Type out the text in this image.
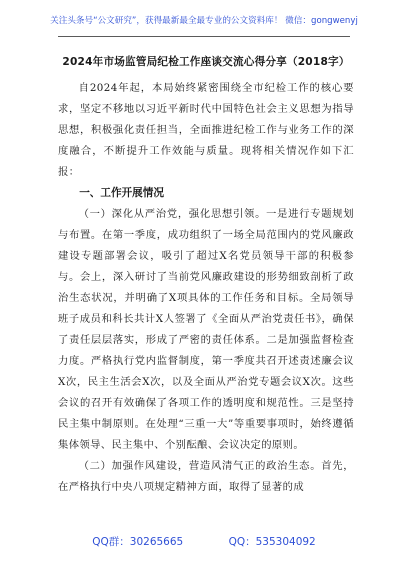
关注头条号“公文研究”，获得最新最全最专业的公文资料库！ 微信：gongwenyj
2024年市场监管局纪检工作座谈交流心得分享（2018字）

自2024年起，本局始终紧密围绕全市纪检工作的核心要求，坚定不移地以习近平新时代中国特色社会主义思想为指导思想，积极强化责任担当，全面推进纪检工作与业务工作的深度融合，不断提升工作效能与质量。现将相关情况作如下汇报：

一、工作开展情况

（一）深化从严治党，强化思想引领。一是进行专题规划与布置。在第一季度，成功组织了一场全局范围内的党风廉政建设专题部署会议，吸引了超过X名党员领导干部的积极参与。会上，深入研讨了当前党风廉政建设的形势细致剖析了政治生态状况，并明确了X项具体的工作任务和目标。全局领导班子成员和科长共计X人签署了《全面从严治党责任书》，确保了责任层层落实，形成了严密的责任体系。二是加强监督检查力度。严格执行党内监督制度，第一季度共召开述责述廉会议X次，民主生活会X次，以及全面从严治党专题会议X次。这些会议的召开有效确保了各项工作的透明度和规范性。三是坚持民主集中制原则。在处理“三重一大”等重要事项时，始终遵循集体领导、民主集中、个别酝酿、会议决定的原则。

（二）加强作风建设，营造风清气正的政治生态。首先，在严格执行中央八项规定精神方面，取得了显著的成

QQ群：30265665	QQ：535304092
